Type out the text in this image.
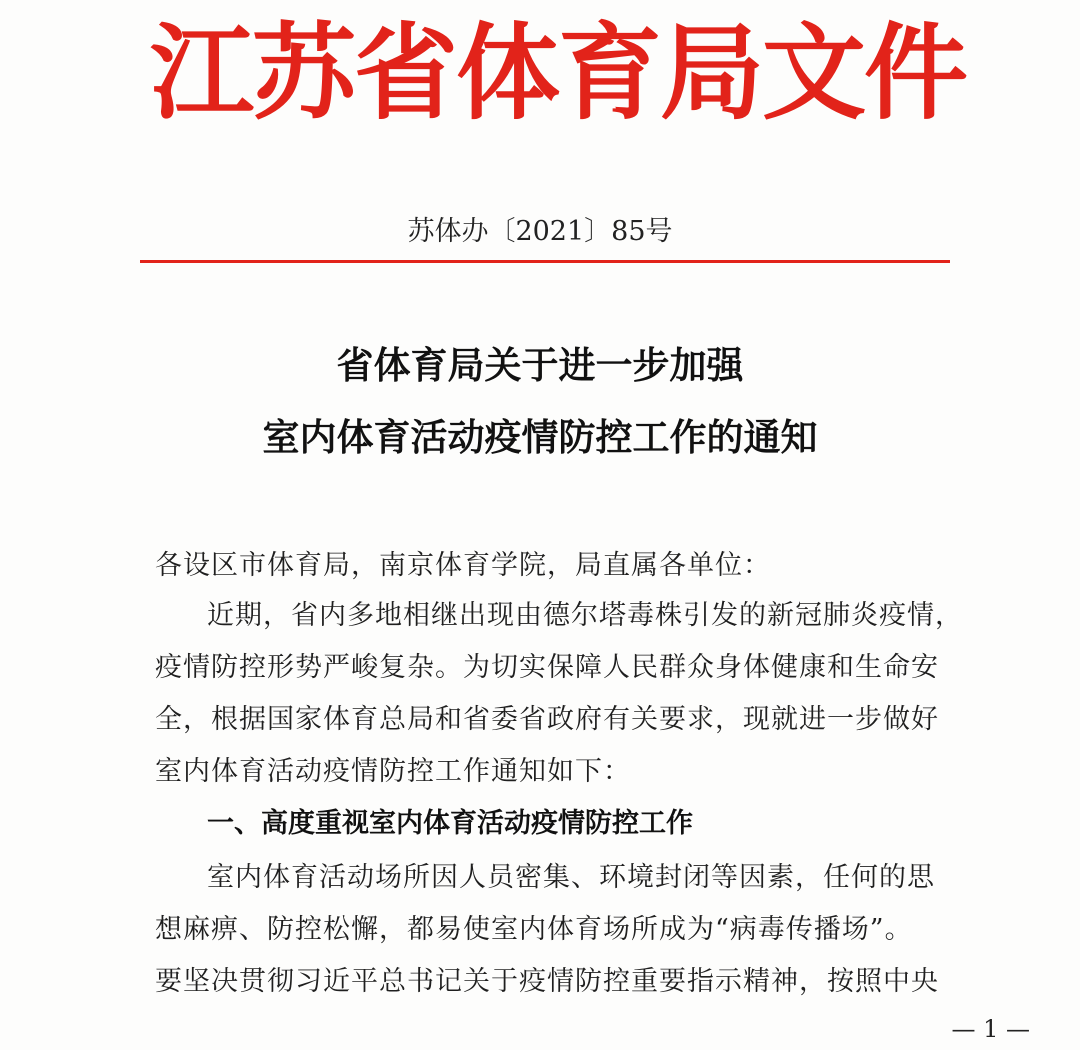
江苏省体育局文件
苏体办〔2021〕85号
省体育局关于进一步加强
室内体育活动疫情防控工作的通知
各设区市体育局，南京体育学院，局直属各单位：
近期，省内多地相继出现由德尔塔毒株引发的新冠肺炎疫情，
疫情防控形势严峻复杂。为切实保障人民群众身体健康和生命安
全，根据国家体育总局和省委省政府有关要求，现就进一步做好
室内体育活动疫情防控工作通知如下：
一、高度重视室内体育活动疫情防控工作
室内体育活动场所因人员密集、环境封闭等因素，任何的思
想麻痹、防控松懈，都易使室内体育场所成为“病毒传播场”。
要坚决贯彻习近平总书记关于疫情防控重要指示精神，按照中央
— 1 —
